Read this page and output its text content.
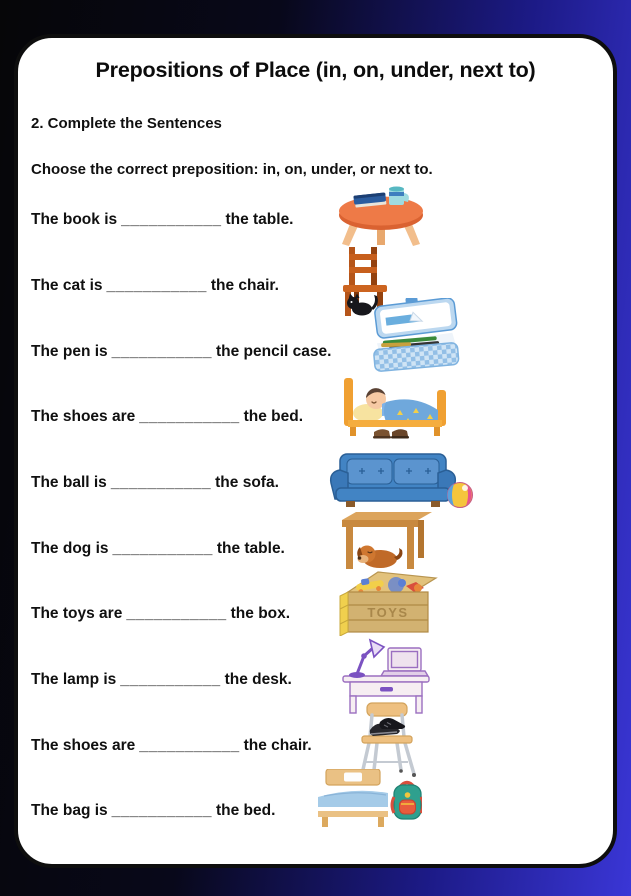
Prepositions of Place (in, on, under, next to)
2. Complete the Sentences
Choose the correct preposition: in, on, under, or next to.
The book is ___________ the table.
The cat is ___________ the chair.
The pen is ___________ the pencil case.
The shoes are ___________ the bed.
The ball is ___________ the sofa.
The dog is ___________ the table.
The toys are ___________ the box.
The lamp is ___________ the desk.
The shoes are ___________ the chair.
The bag is ___________ the bed.
TOYS
